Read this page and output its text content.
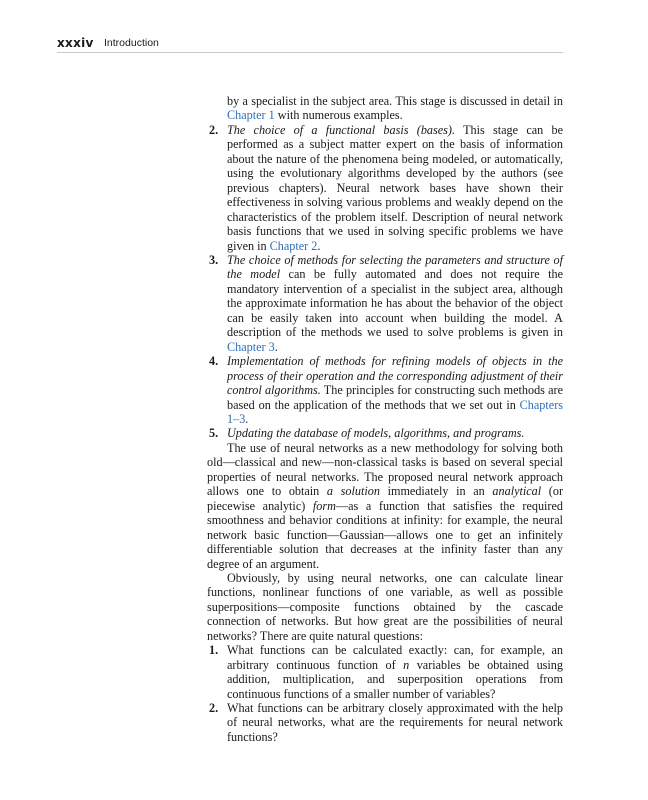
xxxiv Introduction

by a specialist in the subject area. This stage is discussed in detail in Chapter 1 with numerous examples.

2. The choice of a functional basis (bases). This stage can be performed as a subject matter expert on the basis of information about the nature of the phenomena being modeled, or automatically, using the evolutionary algorithms developed by the authors (see previous chapters). Neural network bases have shown their effectiveness in solving various problems and weakly depend on the characteristics of the problem itself. Description of neural network basis functions that we used in solving specific problems we have given in Chapter 2.
3. The choice of methods for selecting the parameters and structure of the model can be fully automated and does not require the mandatory intervention of a specialist in the subject area, although the approximate information he has about the behavior of the object can be easily taken into account when building the model. A description of the methods we used to solve problems is given in Chapter 3.
4. Implementation of methods for refining models of objects in the process of their operation and the corresponding adjustment of their control algorithms. The principles for constructing such methods are based on the application of the methods that we set out in Chapters 1–3.
5. Updating the database of models, algorithms, and programs.

The use of neural networks as a new methodology for solving both old—classical and new—non-classical tasks is based on several special properties of neural networks. The proposed neural network approach allows one to obtain a solution immediately in an analytical (or piecewise analytic) form—as a function that satisfies the required smoothness and behavior conditions at infinity: for example, the neural network basic function—Gaussian—allows one to get an infinitely differentiable solution that decreases at the infinity faster than any degree of an argument.

Obviously, by using neural networks, one can calculate linear functions, nonlinear functions of one variable, as well as possible superpositions—composite functions obtained by the cascade connection of networks. But how great are the possibilities of neural networks? There are quite natural questions:

1. What functions can be calculated exactly: can, for example, an arbitrary continuous function of n variables be obtained using addition, multiplication, and superposition operations from continuous functions of a smaller number of variables?
2. What functions can be arbitrary closely approximated with the help of neural networks, what are the requirements for neural network functions?
